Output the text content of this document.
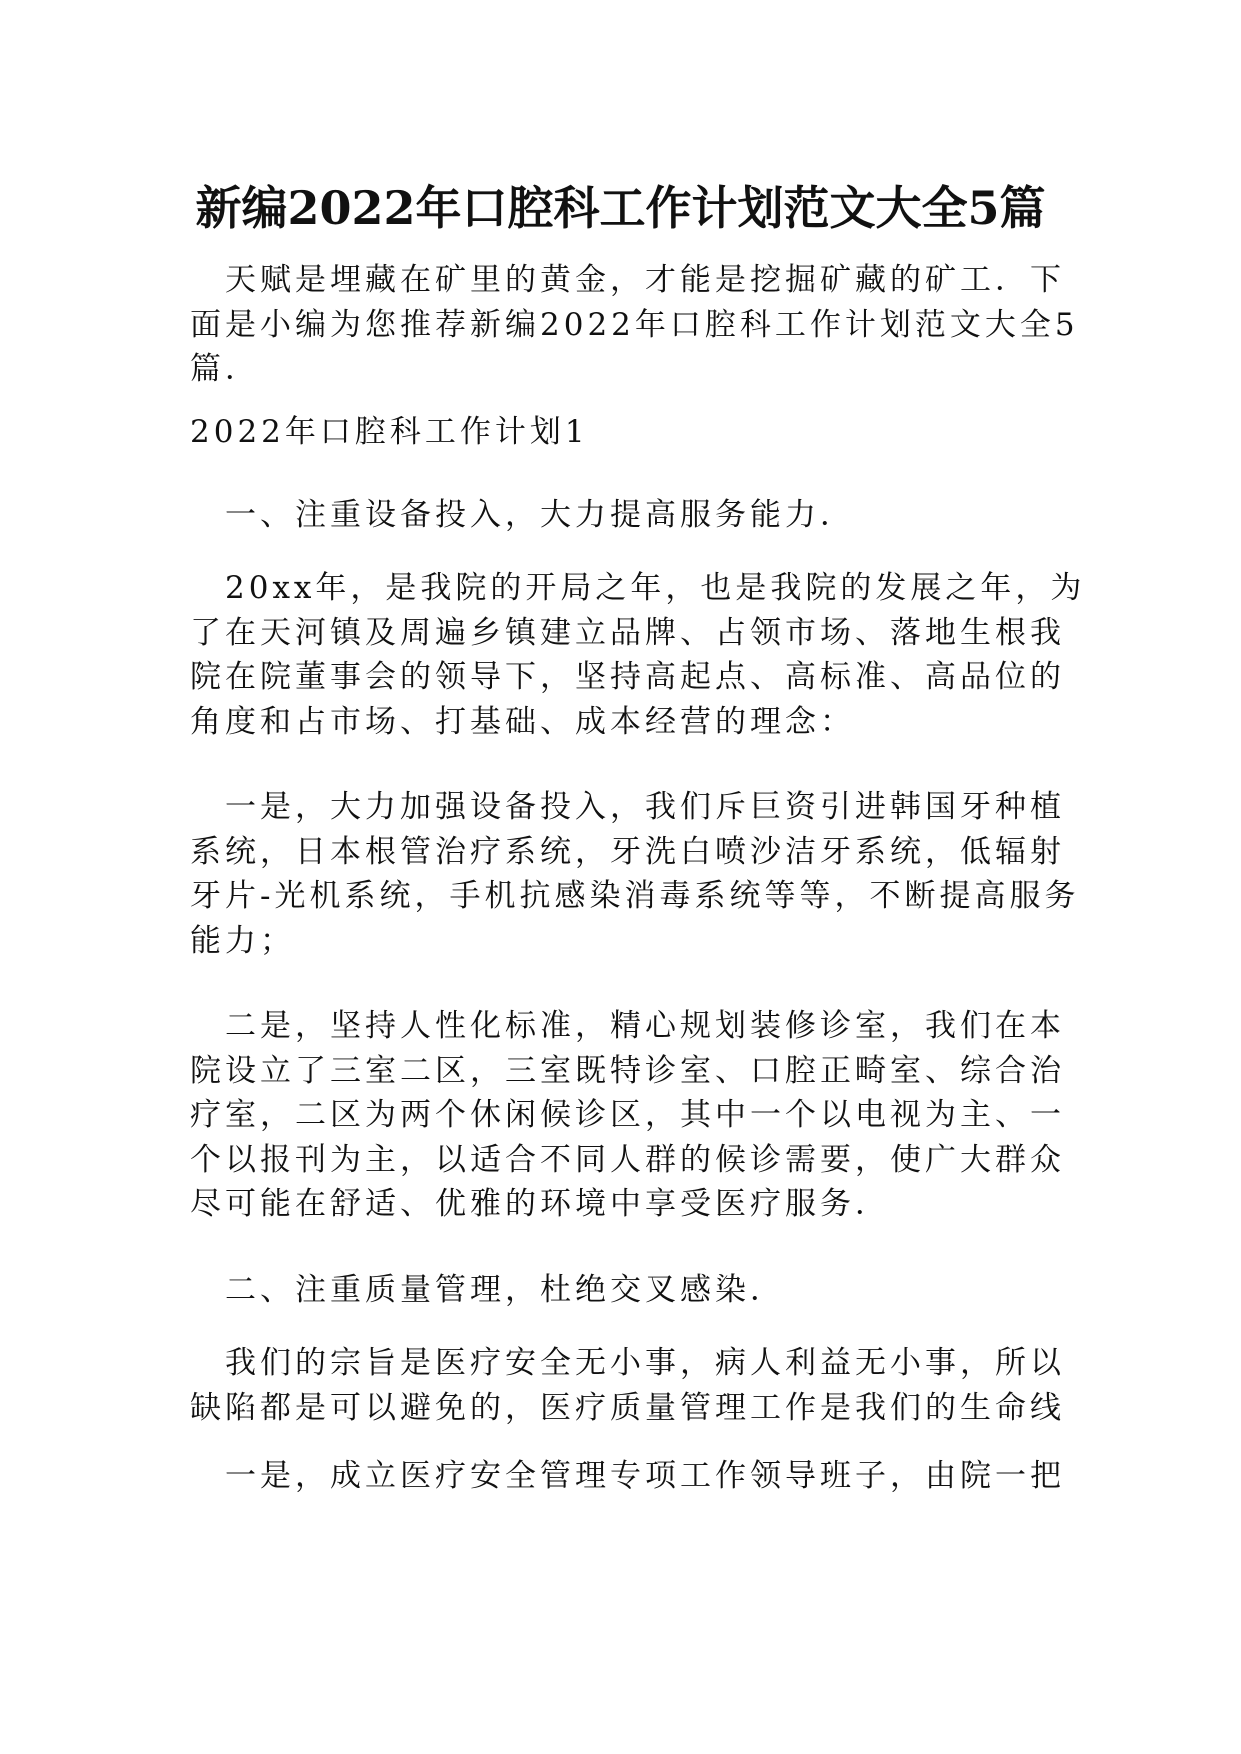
新编2022年口腔科工作计划范文大全5篇

　天赋是埋藏在矿里的黄金，才能是挖掘矿藏的矿工．下
面是小编为您推荐新编2022年口腔科工作计划范文大全5
篇．

2022年口腔科工作计划1

　一、注重设备投入，大力提高服务能力．

　20xx年，是我院的开局之年，也是我院的发展之年，为
了在天河镇及周遍乡镇建立品牌、占领市场、落地生根我
院在院董事会的领导下，坚持高起点、高标准、高品位的
角度和占市场、打基础、成本经营的理念：

　一是，大力加强设备投入，我们斥巨资引进韩国牙种植
系统，日本根管治疗系统，牙洗白喷沙洁牙系统，低辐射
牙片-光机系统，手机抗感染消毒系统等等，不断提高服务
能力；

　二是，坚持人性化标准，精心规划装修诊室，我们在本
院设立了三室二区，三室既特诊室、口腔正畸室、综合治
疗室，二区为两个休闲候诊区，其中一个以电视为主、一
个以报刊为主，以适合不同人群的候诊需要，使广大群众
尽可能在舒适、优雅的环境中享受医疗服务．

　二、注重质量管理，杜绝交叉感染．

　我们的宗旨是医疗安全无小事，病人利益无小事，所以
缺陷都是可以避免的，医疗质量管理工作是我们的生命线

　一是，成立医疗安全管理专项工作领导班子，由院一把
